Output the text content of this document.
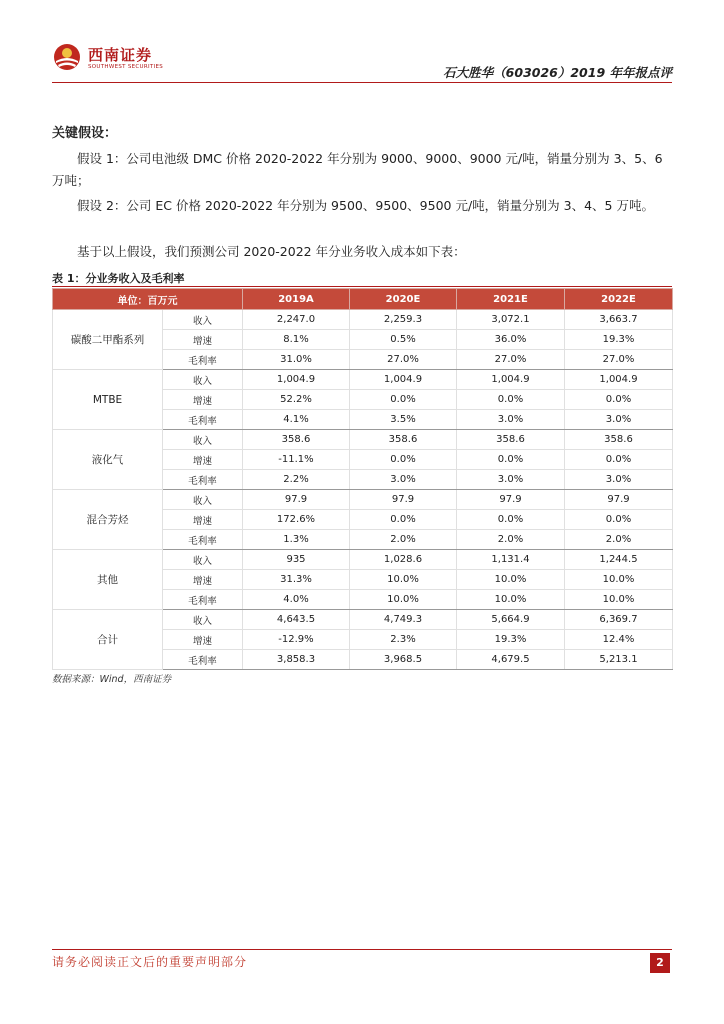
西南证券
SOUTHWEST SECURITIES	石大胜华（603026）2019 年年报点评
关键假设：
假设 1：公司电池级 DMC 价格 2020-2022 年分别为 9000、9000、9000 元/吨，销量分别为 3、5、6 万吨；
假设 2：公司 EC 价格 2020-2022 年分别为 9500、9500、9500 元/吨，销量分别为 3、4、5 万吨。
基于以上假设，我们预测公司 2020-2022 年分业务收入成本如下表：
表 1：分业务收入及毛利率
单位：百万元		2019A	2020E	2021E	2022E
碳酸二甲酯系列	收入	2,247.0	2,259.3	3,072.1	3,663.7
	增速	8.1%	0.5%	36.0%	19.3%
	毛利率	31.0%	27.0%	27.0%	27.0%
MTBE	收入	1,004.9	1,004.9	1,004.9	1,004.9
	增速	52.2%	0.0%	0.0%	0.0%
	毛利率	4.1%	3.5%	3.0%	3.0%
液化气	收入	358.6	358.6	358.6	358.6
	增速	-11.1%	0.0%	0.0%	0.0%
	毛利率	2.2%	3.0%	3.0%	3.0%
混合芳烃	收入	97.9	97.9	97.9	97.9
	增速	172.6%	0.0%	0.0%	0.0%
	毛利率	1.3%	2.0%	2.0%	2.0%
其他	收入	935	1,028.6	1,131.4	1,244.5
	增速	31.3%	10.0%	10.0%	10.0%
	毛利率	4.0%	10.0%	10.0%	10.0%
合计	收入	4,643.5	4,749.3	5,664.9	6,369.7
	增速	-12.9%	2.3%	19.3%	12.4%
	毛利率	3,858.3	3,968.5	4,679.5	5,213.1
数据来源：Wind，西南证券
请务必阅读正文后的重要声明部分	2
